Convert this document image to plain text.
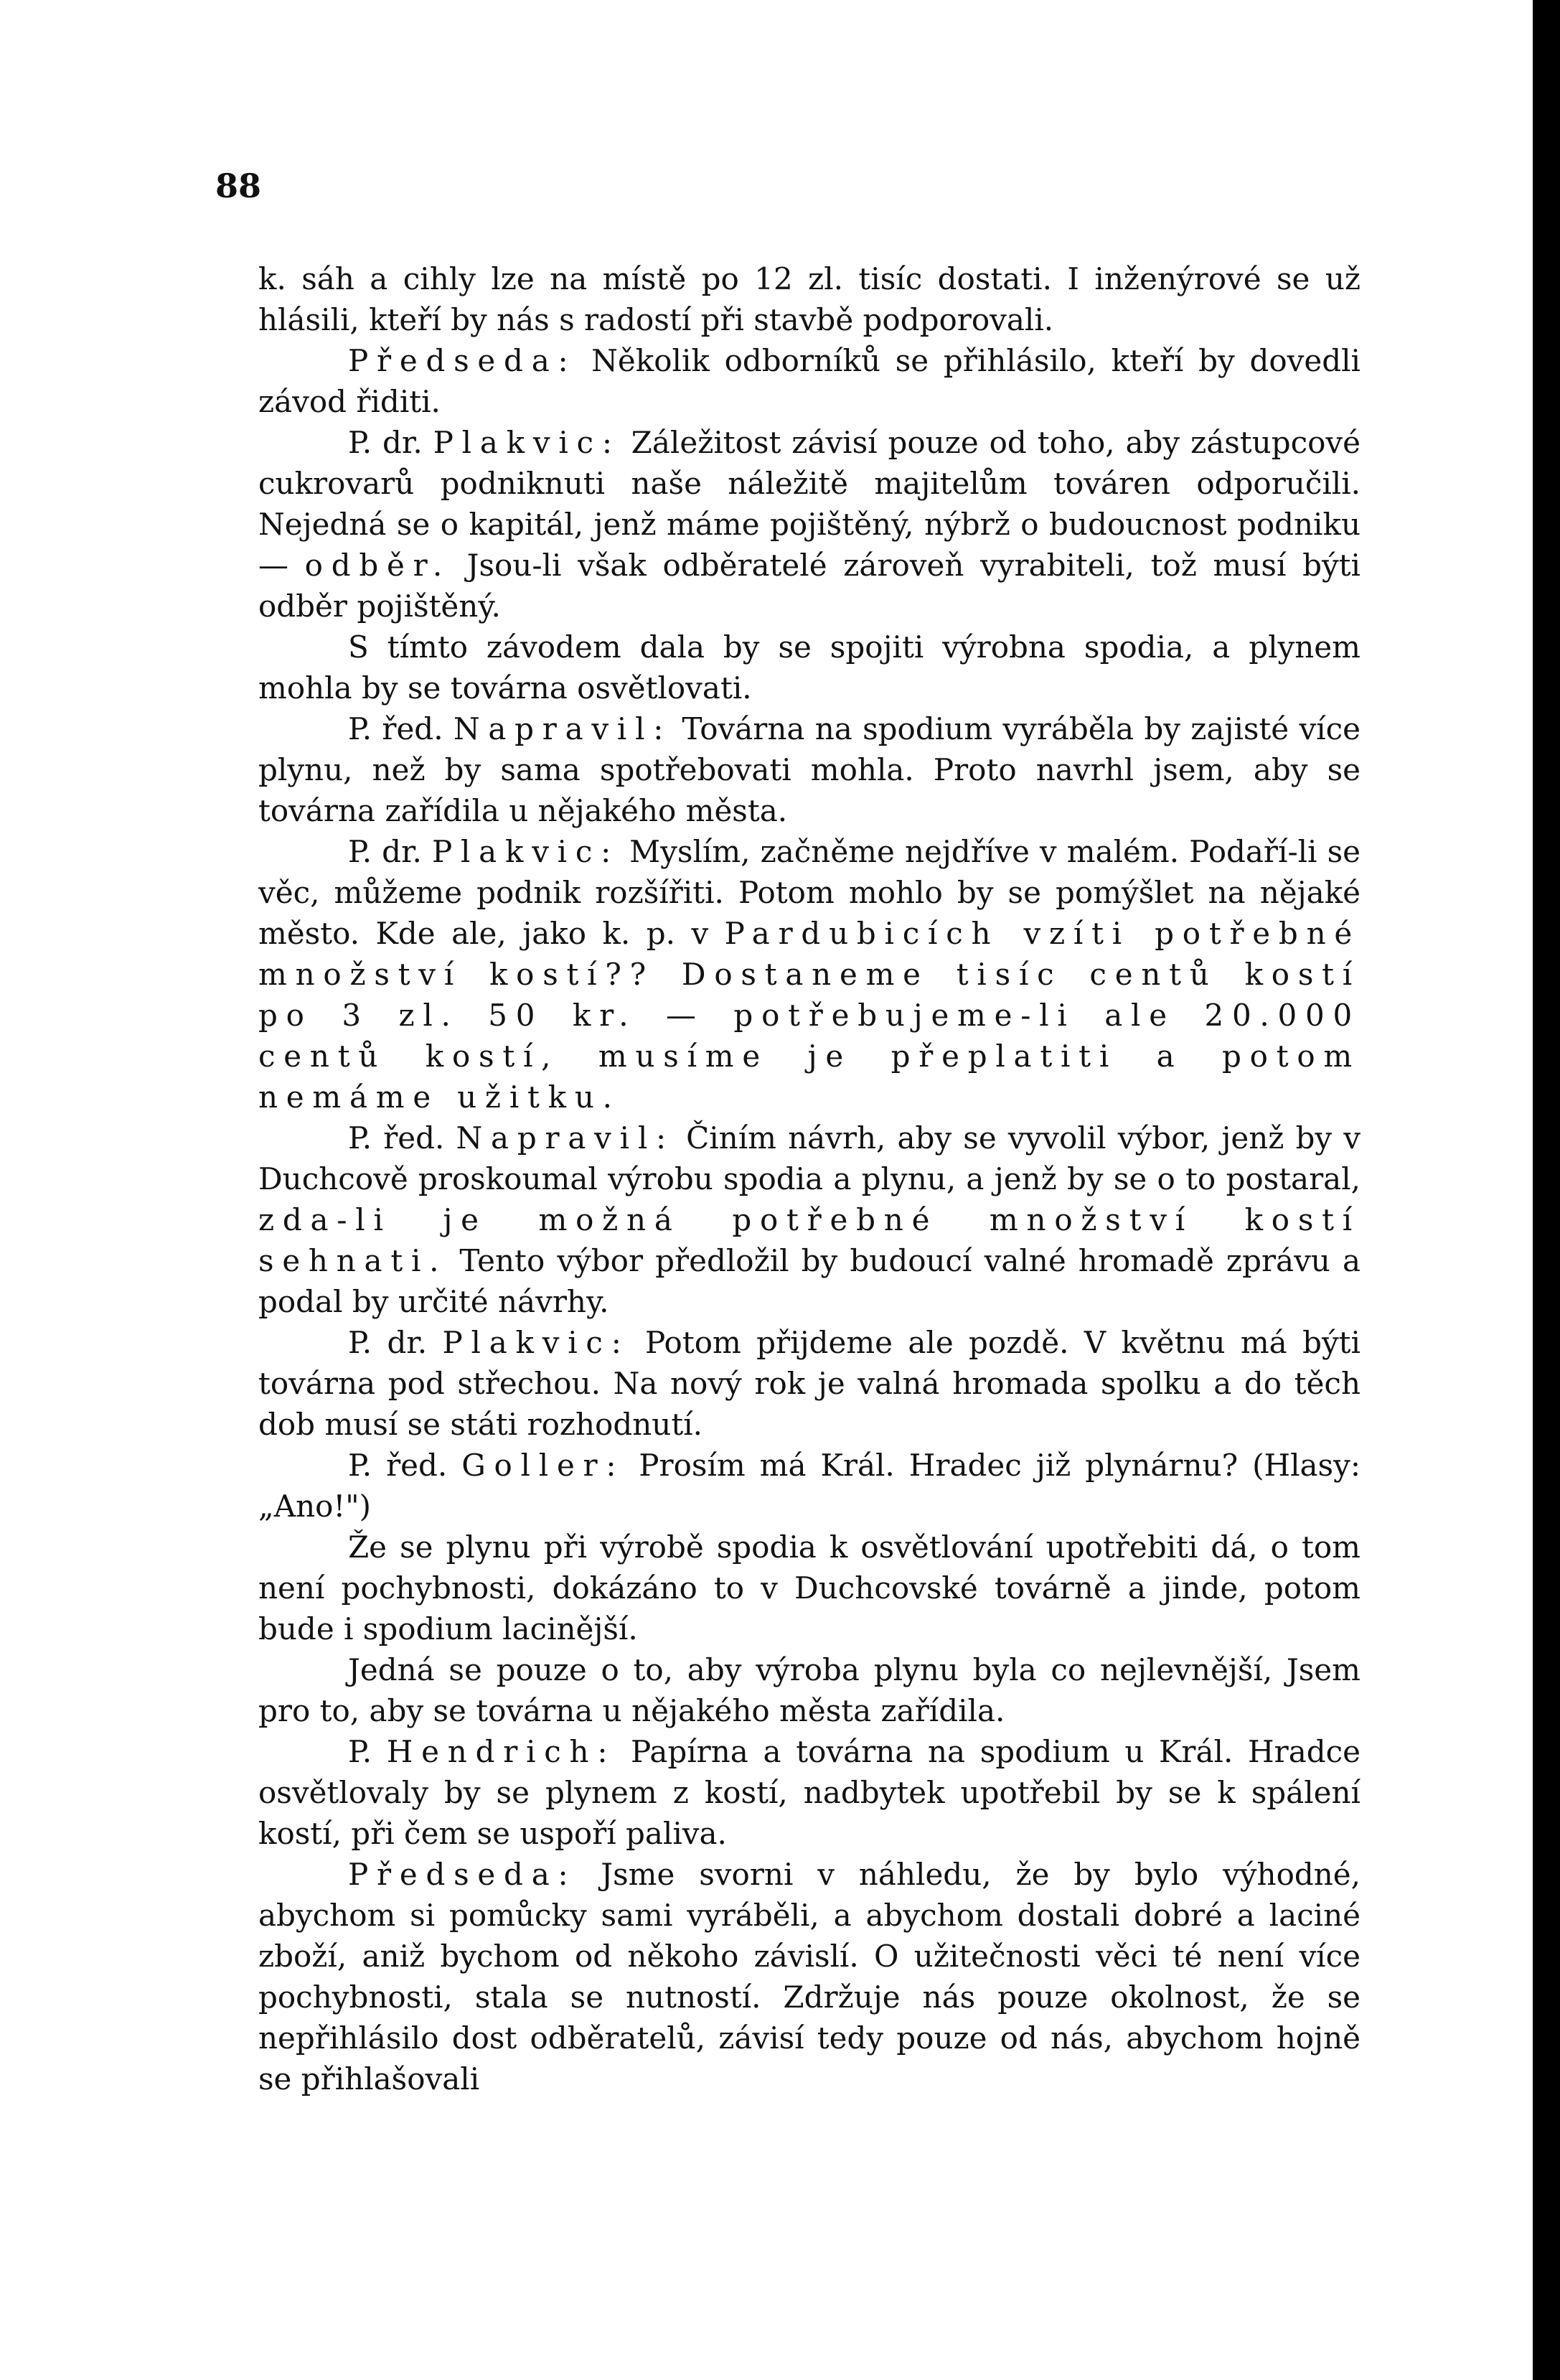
88

k. sáh a cihly lze na místě po 12 zl. tisíc dostati. I inženýrové se už hlásili, kteří by nás s radostí při stavbě podporovali.

Předseda: Několik odborníků se přihlásilo, kteří by dovedli závod řiditi.

P. dr. Plakvic: Záležitost závisí pouze od toho, aby zástupcové cukrovarů podniknuti naše náležitě majitelům továren odporučili. Nejedná se o kapitál, jenž máme pojištěný, nýbrž o budoucnost podniku — odběr. Jsou-li však odběratelé zároveň vyrabiteli, tož musí býti odběr pojištěný.

S tímto závodem dala by se spojiti výrobna spodia, a plynem mohla by se továrna osvětlovati.

P. řed. Napravil: Továrna na spodium vyráběla by zajisté více plynu, než by sama spotřebovati mohla. Proto navrhl jsem, aby se továrna zařídila u nějakého města.

P. dr. Plakvic: Myslím, začněme nejdříve v malém. Podaří-li se věc, můžeme podnik rozšířiti. Potom mohlo by se pomýšlet na nějaké město. Kde ale, jako k. p. v Pardubicích vzíti potřebné množství kostí?? Dostaneme tisíc centů kostí po 3 zl. 50 kr. — potřebujeme-li ale 20.000 centů kostí, musíme je přeplatiti a potom nemáme užitku.

P. řed. Napravil: Činím návrh, aby se vyvolil výbor, jenž by v Duchcově proskoumal výrobu spodia a plynu, a jenž by se o to postaral, zda-li je možná potřebné množství kostí sehnati. Tento výbor předložil by budoucí valné hromadě zprávu a podal by určité návrhy.

P. dr. Plakvic: Potom přijdeme ale pozdě. V květnu má býti továrna pod střechou. Na nový rok je valná hromada spolku a do těch dob musí se státi rozhodnutí.

P. řed. Goller: Prosím má Král. Hradec již plynárnu? (Hlasy: „Ano!")

Že se plynu při výrobě spodia k osvětlování upotřebiti dá, o tom není pochybnosti, dokázáno to v Duchcovské továrně a jinde, potom bude i spodium lacinější.

Jedná se pouze o to, aby výroba plynu byla co nejlevnější, Jsem pro to, aby se továrna u nějakého města zařídila.

P. Hendrich: Papírna a továrna na spodium u Král. Hradce osvětlovaly by se plynem z kostí, nadbytek upotřebil by se k spálení kostí, při čem se uspoří paliva.

Předseda: Jsme svorni v náhledu, že by bylo výhodné, abychom si pomůcky sami vyráběli, a abychom dostali dobré a laciné zboží, aniž bychom od někoho závislí. O užitečnosti věci té není více pochybnosti, stala se nutností. Zdržuje nás pouze okolnost, že se nepřihlásilo dost odběratelů, závisí tedy pouze od nás, abychom hojně se přihlašovali
